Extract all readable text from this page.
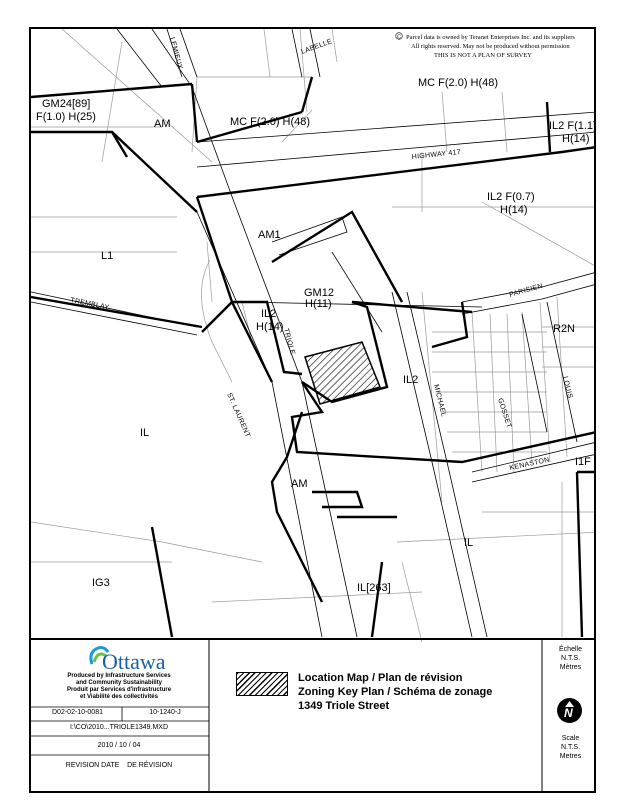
GM24[89]
F(1.0) H(25)
AM	MC F(2.0) H(48)
MC F(2.0) H(48)
IL2 F(1.1)
H(14)
IL2 F(0.7)
H(14)
AM1
L1
GM12
H(11)
IL2
H(14)	R2N
IL2
IL
AM
I1F
IL
IG3	IL[263]
LEMIEUX	LABELLE
HIGHWAY 417
TREMBLAY
TRIOLE
PARISIEN
ST. LAURENT	MICHAEL	GOSSET
LOUIS
KENASTON
C Parcel data is owned by Teranet Enterprises Inc. and its suppliers
All rights reserved. May not be produced without permission
THIS IS NOT A PLAN OF SURVEY
Ottawa
Produced by Infrastructure Services
and Community Sustainability
Produit par Services d'infrastructure
et Viabilité des collectivités
D02-02-10-0081	10-1240-J
I:\CO\2010...TRIOLE1349.MXD
2010 / 10 / 04
REVISION DATE DE RÉVISION
Location Map / Plan de révision
Zoning Key Plan / Schéma de zonage
1349 Triole Street
Échelle
N.T.S.
Mètres
N
Scale
N.T.S.
Metres
